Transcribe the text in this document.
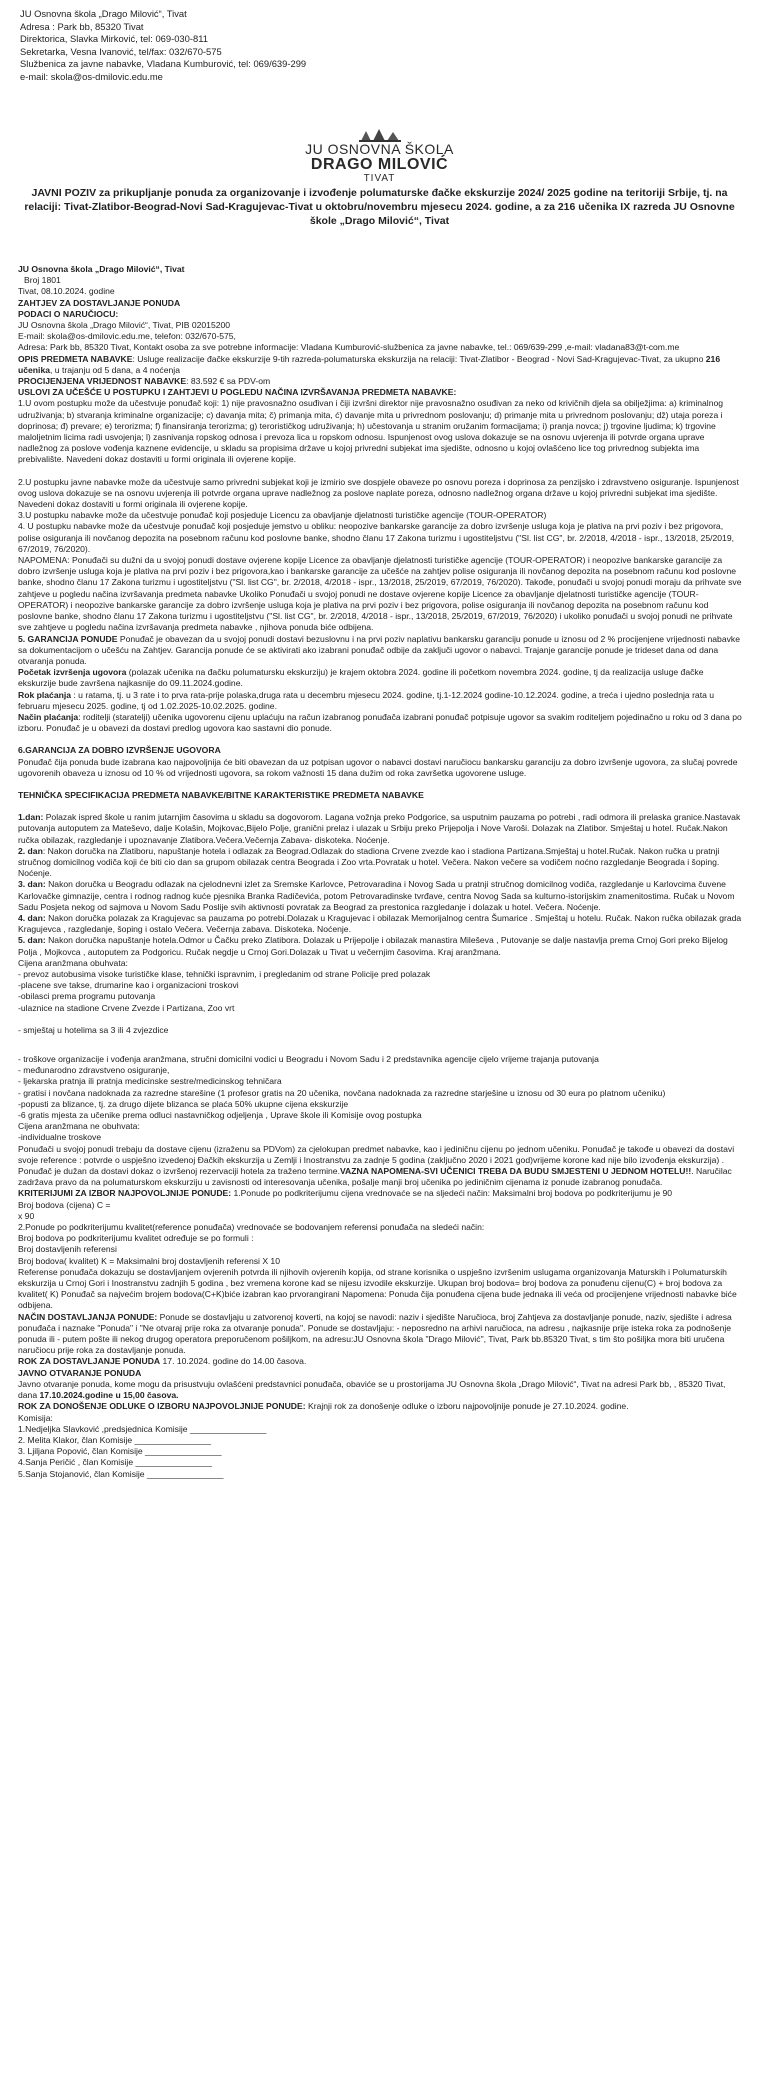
JU Osnovna škola „Drago Milović“, Tivat
Adresa : Park bb, 85320 Tivat
Direktorica, Slavka Mirković, tel: 069-030-811
Sekretarka, Vesna Ivanović, tel/fax: 032/670-575
Službenica za javne nabavke, Vladana Kumburović, tel: 069/639-299
e-mail: skola@os-dmilovic.edu.me
JU OSNOVNA ŠKOLA
DRAGO MILOVIĆ
TIVAT
JAVNI POZIV za prikupljanje ponuda za organizovanje i izvođenje polumaturske đačke ekskurzije 2024/ 2025 godine na teritoriji Srbije, tj. na relaciji: Tivat-Zlatibor-Beograd-Novi Sad-Kragujevac-Tivat u oktobru/novembru mjesecu 2024. godine, a za 216 učenika IX razreda JU Osnovne škole „Drago Milović“, Tivat

JU Osnovna škola „Drago Milović“, Tivat

Broj 1801

Tivat, 08.10.2024. godine

ZAHTJEV ZA DOSTAVLJANJE PONUDA

PODACI O NARUČIOCU:

JU Osnovna škola „Drago Milović“, Tivat, PIB 02015200

E-mail: skola@os-dmilovic.edu.me, telefon: 032/670-575,

Adresa: Park bb, 85320 Tivat, Kontakt osoba za sve potrebne informacije: Vladana Kumburović-službenica za javne nabavke, tel.: 069/639-299 ,e-mail: vladana83@t-com.me

OPIS PREDMETA NABAVKE: Usluge realizacije đačke ekskurzije 9-tih razreda-polumaturska ekskurzija na relaciji: Tivat-Zlatibor - Beograd - Novi Sad-Kragujevac-Tivat, za ukupno 216 učenika, u trajanju od 5 dana, a 4 noćenja

PROCIJENJENA VRIJEDNOST NABAVKE: 83.592 € sa PDV-om

USLOVI ZA UČEŠĆE U POSTUPKU I ZAHTJEVI U POGLEDU NAČINA IZVRŠAVANJA PREDMETA NABAVKE:

1.U ovom postupku može da učestvuje ponuđač koji: 1) nije pravosnažno osuđivan i čiji izvršni direktor nije pravosnažno osuđivan za neko od krivičnih djela sa obilježjima: a) kriminalnog udruživanja; b) stvaranja kriminalne organizacije; c) davanja mita; č) primanja mita, ć) davanje mita u privrednom poslovanju; d) primanje mita u privrednom poslovanju; dž) utaja poreza i doprinosa; đ) prevare; e) terorizma; f) finansiranja terorizma; g) terorističkog udruživanja; h) učestovanja u stranim oružanim formacijama; i) pranja novca; j) trgovine ljudima; k) trgovine maloljetnim licima radi usvojenja; l) zasnivanja ropskog odnosa i prevoza lica u ropskom odnosu. Ispunjenost ovog uslova dokazuje se na osnovu uvjerenja ili potvrde organa uprave nadležnog za poslove vođenja kaznene evidencije, u skladu sa propisima države u kojoj privredni subjekat ima sjedište, odnosno u kojoj ovlašćeno lice tog privrednog subjekta ima prebivalište. Navedeni dokaz dostaviti u formi originala ili ovjerene kopije.

2.U postupku javne nabavke može da učestvuje samo privredni subjekat koji je izmirio sve dospjele obaveze po osnovu poreza i doprinosa za penzijsko i zdravstveno osiguranje. Ispunjenost ovog uslova dokazuje se na osnovu uvjerenja ili potvrde organa uprave nadležnog za poslove naplate poreza, odnosno nadležnog organa države u kojoj privredni subjekat ima sjedište. Navedeni dokaz dostaviti u formi originala ili ovjerene kopije.

3.U postupku nabavke može da učestvuje ponuđač koji posjeduje Licencu za obavljanje djelatnosti turističke agencije (TOUR-OPERATOR)

4. U postupku nabavke može da učestvuje ponuđač koji posjeduje jemstvo u obliku: neopozive bankarske garancije za dobro izvršenje usluga koja je plativa na prvi poziv i bez prigovora, polise osiguranja ili novčanog depozita na posebnom računu kod poslovne banke, shodno članu 17 Zakona turizmu i ugostiteljstvu ("Sl. list CG", br. 2/2018, 4/2018 - ispr., 13/2018, 25/2019, 67/2019, 76/2020).

NAPOMENA: Ponuđači su dužni da u svojoj ponudi dostave ovjerene kopije Licence za obavljanje djelatnosti turističke agencije (TOUR-OPERATOR) i neopozive bankarske garancije za dobro izvršenje usluga koja je plativa na prvi poziv i bez prigovora,kao i bankarske garancije za učešće na zahtjev polise osiguranja ili novčanog depozita na posebnom računu kod poslovne banke, shodno članu 17 Zakona turizmu i ugostiteljstvu ("Sl. list CG", br. 2/2018, 4/2018 - ispr., 13/2018, 25/2019, 67/2019, 76/2020). Takođe, ponuđači u svojoj ponudi moraju da prihvate sve zahtjeve u pogledu načina izvršavanja predmeta nabavke Ukoliko Ponuđači u svojoj ponudi ne dostave ovjerene kopije Licence za obavljanje djelatnosti turističke agencije (TOUR-OPERATOR) i neopozive bankarske garancije za dobro izvršenje usluga koja je plativa na prvi poziv i bez prigovora, polise osiguranja ili novčanog depozita na posebnom računu kod poslovne banke, shodno članu 17 Zakona turizmu i ugostiteljstvu ("Sl. list CG", br. 2/2018, 4/2018 - ispr., 13/2018, 25/2019, 67/2019, 76/2020) i ukoliko ponuđači u svojoj ponudi ne prihvate sve zahtjeve u pogledu načina izvršavanja predmeta nabavke , njihova ponuda biće odbijena.

5. GARANCIJA PONUDE Ponuđač je obavezan da u svojoj ponudi dostavi bezuslovnu i na prvi poziv naplativu bankarsku garanciju ponude u iznosu od 2 % procijenjene vrijednosti nabavke sa dokumentacijom o učešću na Zahtjev. Garancija ponude će se aktivirati ako izabrani ponuđač odbije da zaključi ugovor o nabavci. Trajanje garancije ponude je trideset dana od dana otvaranja ponuda.

Početak izvršenja ugovora (polazak učenika na đačku polumatursku ekskurziju) je krajem oktobra 2024. godine ili početkom novembra 2024. godine, tj da realizacija usluge đačke ekskurzije bude završena najkasnije do 09.11.2024.godine.

Rok plaćanja : u ratama, tj. u 3 rate i to prva rata-prije polaska,druga rata u decembru mjesecu 2024. godine, tj.1-12.2024 godine-10.12.2024. godine, a treća i ujedno poslednja rata u februaru mjesecu 2025. godine, tj od 1.02.2025-10.02.2025. godine.

Način plaćanja: roditelji (staratelji) učenika ugovorenu cijenu uplaćuju na račun izabranog ponuđača izabrani ponuđač potpisuje ugovor sa svakim roditeljem pojedinačno u roku od 3 dana po izboru. Ponuđač je u obavezi da dostavi predlog ugovora kao sastavni dio ponude.

6.GARANCIJA ZA DOBRO IZVRŠENJE UGOVORA

Ponuđač čija ponuda bude izabrana kao najpovoljnija će biti obavezan da uz potpisan ugovor o nabavci dostavi naručiocu bankarsku garanciju za dobro izvršenje ugovora, za slučaj povrede ugovorenih obaveza u iznosu od 10 % od vrijednosti ugovora, sa rokom važnosti 15 dana dužim od roka završetka ugovorene usluge.

TEHNIČKA SPECIFIKACIJA PREDMETA NABAVKE/BITNE KARAKTERISTIKE PREDMETA NABAVKE

1.dan: Polazak ispred škole u ranim jutarnjim časovima u skladu sa dogovorom. Lagana vožnja preko Podgorice, sa usputnim pauzama po potrebi , radi odmora ili prelaska granice.Nastavak putovanja autoputem za Mateševo, dalje Kolašin, Mojkovac,Bijelo Polje, granični prelaz i ulazak u Srbiju preko Prijepolja i Nove Varoši. Dolazak na Zlatibor. Smještaj u hotel. Ručak.Nakon ručka obilazak, razgledanje i upoznavanje Zlatibora.Večera.Večernja Zabava- diskoteka. Noćenje.

2. dan: Nakon doručka na Zlatiboru, napuštanje hotela i odlazak za Beograd.Odlazak do stadiona Crvene zvezde kao i stadiona Partizana.Smještaj u hotel.Ručak. Nakon ručka u pratnji stručnog domicilnog vodiča koji će biti cio dan sa grupom obilazak centra Beograda i Zoo vrta.Povratak u hotel. Večera. Nakon večere sa vodičem noćno razgledanje Beograda i šoping. Noćenje.

3. dan: Nakon doručka u Beogradu odlazak na cjelodnevni izlet za Sremske Karlovce, Petrovaradina i Novog Sada u pratnji stručnog domicilnog vodiča, razgledanje u Karlovcima čuvene Karlovačke gimnazije, centra i rodnog radnog kuće pjesnika Branka Radičevića, potom Petrovaradinske tvrđave, centra Novog Sada sa kulturno-istorijskim znamenitostima. Ručak u Novom Sadu Posjeta nekog od sajmova u Novom Sadu Poslije svih aktivnosti povratak za Beograd za prestonica razgledanje i dolazak u hotel. Večera. Noćenje.

4. dan: Nakon doručka polazak za Kragujevac sa pauzama po potrebi.Dolazak u Kragujevac i obilazak Memorijalnog centra Šumarice . Smještaj u hotelu. Ručak. Nakon ručka obilazak grada Kragujevca , razgledanje, šoping i ostalo Večera. Večernja zabava. Diskoteka. Noćenje.

5. dan: Nakon doručka napuštanje hotela.Odmor u Čačku preko Zlatibora. Dolazak u Prijepolje i obilazak manastira Mileševa , Putovanje se dalje nastavlja prema Crnoj Gori preko Bijelog Polja , Mojkovca , autoputem za Podgoricu. Ručak negdje u Crnoj Gori.Dolazak u Tivat u večernjim časovima. Kraj aranžmana.

Cijena aranžmana obuhvata:

- prevoz autobusima visoke turističke klase, tehnički ispravnim, i pregledanim od strane Policije pred polazak

-placene sve takse, drumarine kao i organizacioni troskovi

-obilasci prema programu putovanja

-ulaznice na stadione Crvene Zvezde i Partizana, Zoo vrt

- smještaj u hotelima sa 3 ili 4 zvjezdice

- troškove organizacije i vođenja aranžmana, stručni domicilni vodici u Beogradu i Novom Sadu i 2 predstavnika agencije cijelo vrijeme trajanja putovanja

- međunarodno zdravstveno osiguranje,

- ljekarska pratnja ili pratnja medicinske sestre/medicinskog tehničara

- gratisi i novčana nadoknada za razredne starešine (1 profesor gratis na 20 učenika, novčana nadoknada za razredne starješine u iznosu od 30 eura po platnom učeniku)

-popusti za blizance, tj. za drugo dijete blizanca se plaća 50% ukupne cijena ekskurzije

-6 gratis mjesta za učenike prema odluci nastavničkog odjeljenja , Uprave škole ili Komisije ovog postupka

Cijena aranžmana ne obuhvata:

-individualne troskove

Ponuđači u svojoj ponudi trebaju da dostave cijenu (izraženu sa PDVom) za cjelokupan predmet nabavke, kao i jediničnu cijenu po jednom učeniku. Ponuđač je takođe u obavezi da dostavi svoje reference : potvrde o uspješno izvedenoj Đačkih ekskurzija u Zemlji i Inostranstvu za zadnje 5 godina (zaključno 2020 i 2021 god)vrijeme korone kad nije bilo izvođenja ekskurzija) . Ponuđač je dužan da dostavi dokaz o izvršenoj rezervaciji hotela za traženo termine.VAZNA NAPOMENA-SVI UČENICI TREBA DA BUDU SMJESTENI U JEDNOM HOTELU!!. Naručilac zadržava pravo da na polumaturskom ekskurziju u zavisnosti od interesovanja učenika, pošalje manji broj učenika po jediničnim cijenama iz ponude izabranog ponuđača.

KRITERIJUMI ZA IZBOR NAJPOVOLJNIJE PONUDE: 1.Ponude po podkriterijumu cijena vrednovaće se na sljedeći način: Maksimalni broj bodova po podkriterijumu je 90

Broj bodova (cijena) C =

x 90

2.Ponude po podkriterijumu kvalitet(reference ponuđača) vrednovaće se bodovanjem referensi ponuđača na sledeći način:

Broj bodova po podkriterijumu kvalitet određuje se po formuli :

Broj dostavljenih referensi

Broj bodova( kvalitet) K = Maksimalni broj dostavljenih referensi X 10

Referense ponuđača dokazuju se dostavljanjem ovjerenih potvrda ili njihovih ovjerenih kopija, od strane korisnika o uspješno izvršenim uslugama organizovanja Maturskih i Polumaturskih ekskurzija u Crnoj Gori i Inostranstvu zadnjih 5 godina , bez vremena korone kad se nijesu izvodile ekskurzije. Ukupan broj bodova= broj bodova za ponuđenu cijenu(C) + broj bodova za kvalitet( K) Ponuđač sa najvećim brojem bodova(C+K)biće izabran kao prvorangirani Napomena: Ponuda čija ponuđena cijena bude jednaka ili veća od procijenjene vrijednosti nabavke biće odbijena.

NAČIN DOSTAVLJANJA PONUDE: Ponude se dostavljaju u zatvorenoj koverti, na kojoj se navodi: naziv i sjedište Naručioca, broj Zahtjeva za dostavljanje ponude, naziv, sjedište i adresa ponuđača i naznake "Ponuda" i "Ne otvaraj prije roka za otvaranje ponuda". Ponude se dostavljaju: - neposredno na arhivi naručioca, na adresu , najkasnije prije isteka roka za podnošenje ponuda ili - putem pošte ili nekog drugog operatora preporučenom pošiljkom, na adresu:JU Osnovna škola "Drago Milović", Tivat, Park bb.85320 Tivat, s tim što pošiljka mora biti uručena naručiocu prije roka za dostavljanje ponuda.

ROK ZA DOSTAVLJANJE PONUDA 17. 10.2024. godine do 14.00 časova.

JAVNO OTVARANJE PONUDA

Javno otvaranje ponuda, kome mogu da prisustvuju ovlašćeni predstavnici ponuđača, obaviće se u prostorijama JU Osnovna škola „Drago Milović“, Tivat na adresi Park bb, , 85320 Tivat, dana 17.10.2024.godine u 15,00 časova.

ROK ZA DONOŠENJE ODLUKE O IZBORU NAJPOVOLJNIJE PONUDE: Krajnji rok za donošenje odluke o izboru najpovoljnije ponude je 27.10.2024. godine.

Komisija:

1.Nedjeljka Slavković ,predsjednica Komisije ________________

2. Melita Klakor, član Komisije ________________

3. Ljiljana Popović, član Komisije ________________

4.Sanja Peričić , član Komisije ________________

5.Sanja Stojanović, član Komisije ________________
